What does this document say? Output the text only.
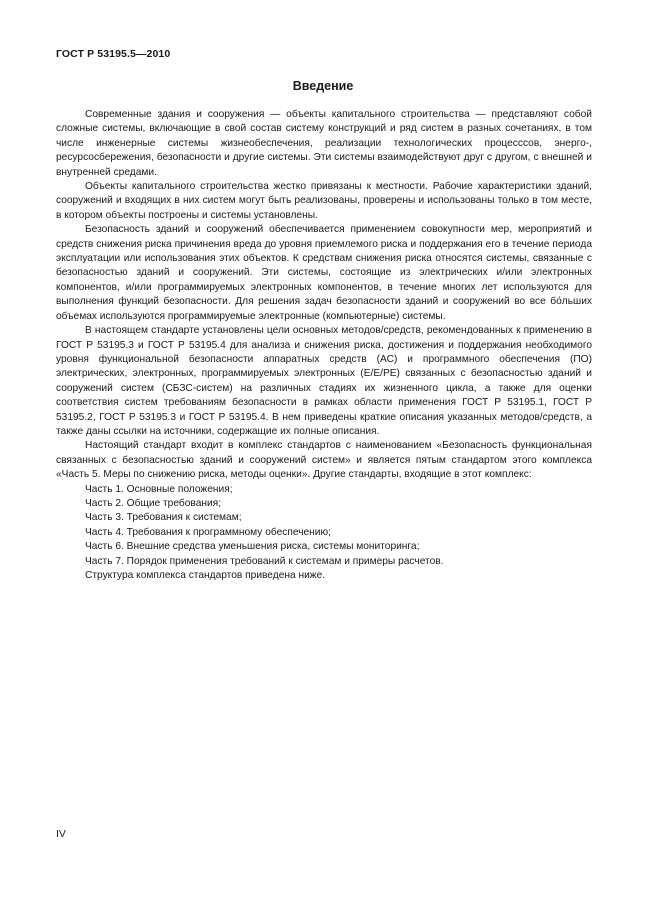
ГОСТ Р 53195.5—2010
Введение

Современные здания и сооружения — объекты капитального строительства — представляют собой сложные системы, включающие в свой состав систему конструкций и ряд систем в разных сочетаниях, в том числе инженерные системы жизнеобеспечения, реализации технологических процесссов, энерго-, ресурсосбережения, безопасности и другие системы. Эти системы взаимодействуют друг с другом, с внешней и внутренней средами.

Объекты капитального строительства жестко привязаны к местности. Рабочие характеристики зданий, сооружений и входящих в них систем могут быть реализованы, проверены и использованы только в том месте, в котором объекты построены и системы установлены.

Безопасность зданий и сооружений обеспечивается применением совокупности мер, мероприятий и средств снижения риска причинения вреда до уровня приемлемого риска и поддержания его в течение периода эксплуатации или использования этих объектов. К средствам снижения риска относятся системы, связанные с безопасностью зданий и сооружений. Эти системы, состоящие из электрических и/или электронных компонентов, и/или программируемых электронных компонентов, в течение многих лет используются для выполнения функций безопасности. Для решения задач безопасности зданий и сооружений во все бо́льших объемах используются программируемые электронные (компьютерные) системы.

В настоящем стандарте установлены цели основных методов/средств, рекомендованных к применению в ГОСТ Р 53195.3 и ГОСТ Р 53195.4 для анализа и снижения риска, достижения и поддержания необходимого уровня функциональной безопасности аппаратных средств (АС) и программного обеспечения (ПО) электрических, электронных, программируемых электронных (Е/Е/РЕ) связанных с безопасностью зданий и сооружений систем (СБЗС-систем) на различных стадиях их жизненного цикла, а также для оценки соответствия систем требованиям безопасности в рамках области применения ГОСТ Р 53195.1, ГОСТ Р 53195.2, ГОСТ Р 53195.3 и ГОСТ Р 53195.4. В нем приведены краткие описания указанных методов/средств, а также даны ссылки на источники, содержащие их полные описания.

Настоящий стандарт входит в комплекс стандартов с наименованием «Безопасность функциональная связанных с безопасностью зданий и сооружений систем» и является пятым стандартом этого комплекса «Часть 5. Меры по снижению риска, методы оценки». Другие стандарты, входящие в этот комплекс:

Часть 1. Основные положения;

Часть 2. Общие требования;

Часть 3. Требования к системам;

Часть 4. Требования к программному обеспечению;

Часть 6. Внешние средства уменьшения риска, системы мониторинга;

Часть 7. Порядок применения требований к системам и примеры расчетов.

Структура комплекса стандартов приведена ниже.

IV
